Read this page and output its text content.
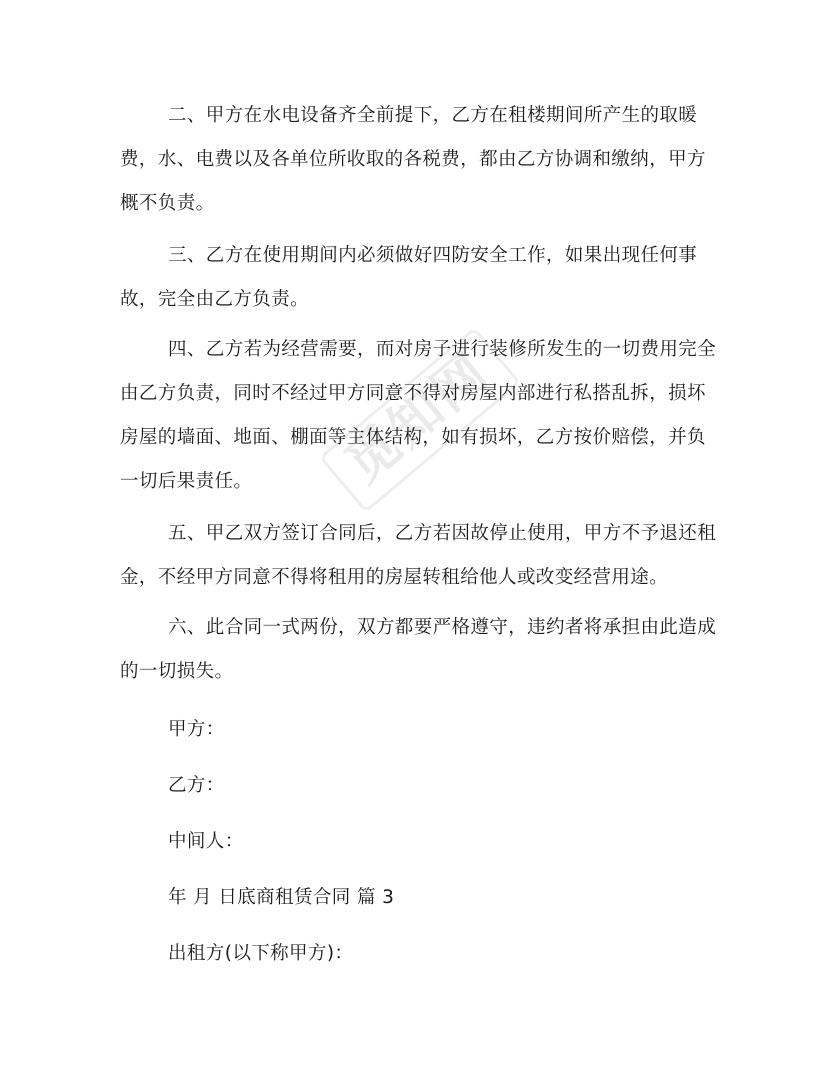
觅知网

二、甲方在水电设备齐全前提下，乙方在租楼期间所产生的取暖费，水、电费以及各单位所收取的各税费，都由乙方协调和缴纳，甲方概不负责。

三、乙方在使用期间内必须做好四防安全工作，如果出现任何事故，完全由乙方负责。

四、乙方若为经营需要，而对房子进行装修所发生的一切费用完全由乙方负责，同时不经过甲方同意不得对房屋内部进行私搭乱拆，损坏房屋的墙面、地面、棚面等主体结构，如有损坏，乙方按价赔偿，并负一切后果责任。

五、甲乙双方签订合同后，乙方若因故停止使用，甲方不予退还租金，不经甲方同意不得将租用的房屋转租给他人或改变经营用途。

六、此合同一式两份，双方都要严格遵守，违约者将承担由此造成的一切损失。

甲方：

乙方：

中间人：

年 月 日底商租赁合同 篇 3

出租方(以下称甲方)：
